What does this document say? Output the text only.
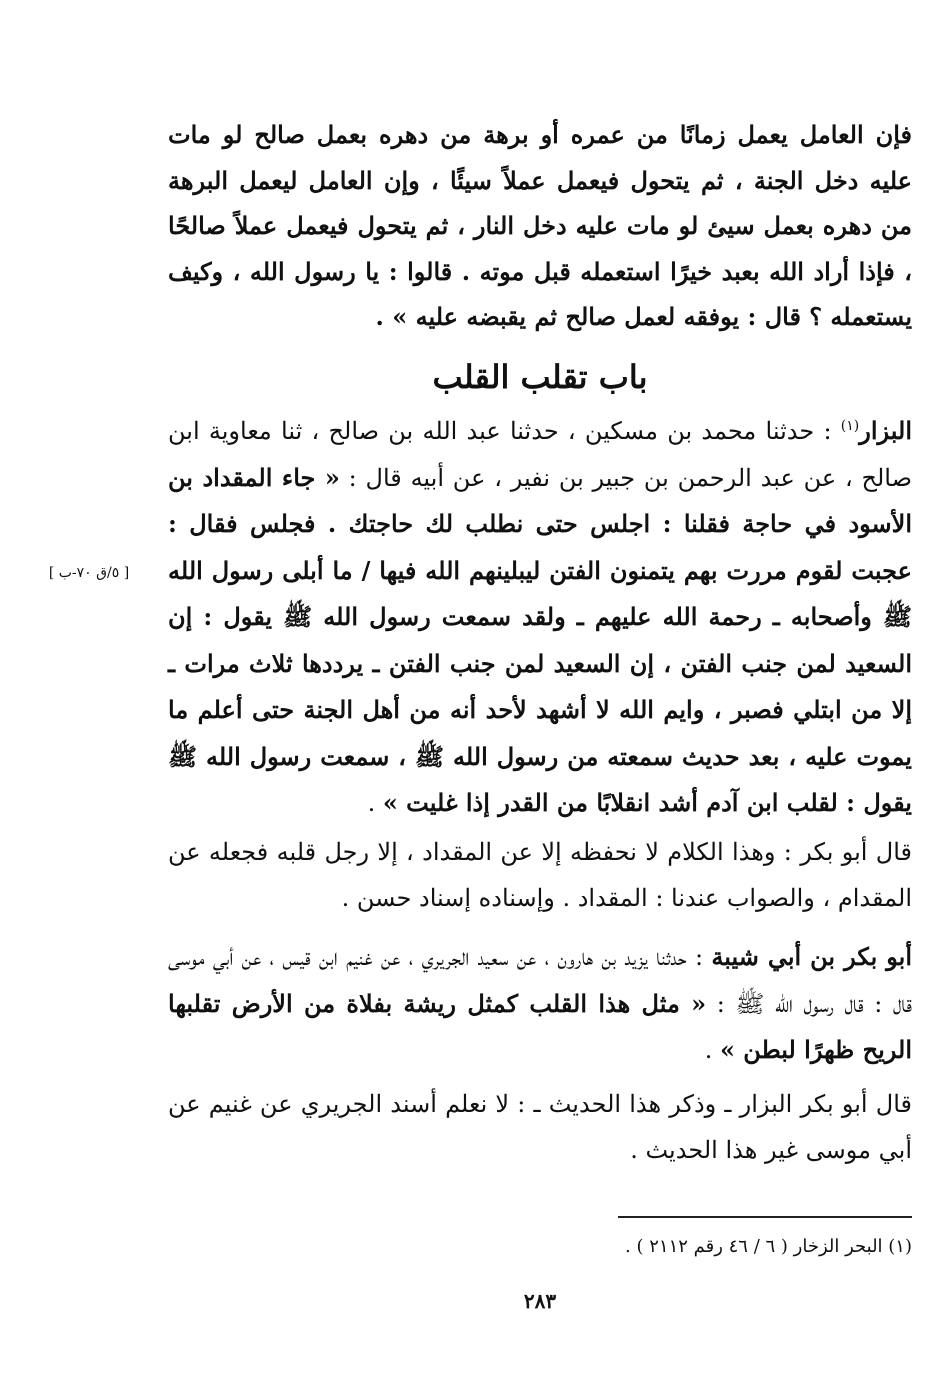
فإن العامل يعمل زمانًا من عمره أو برهة من دهره بعمل صالح لو مات عليه دخل الجنة ، ثم يتحول فيعمل عملاً سيئًا ، وإن العامل ليعمل البرهة من دهره بعمل سيئ لو مات عليه دخل النار ، ثم يتحول فيعمل عملاً صالحًا ، فإذا أراد الله بعبد خيرًا استعمله قبل موته . قالوا : يا رسول الله ، وكيف يستعمله ؟ قال : يوفقه لعمل صالح ثم يقبضه عليه » .

باب تقلب القلب

البزار$^{(١)}$ : حدثنا محمد بن مسكين ، حدثنا عبد الله بن صالح ، ثنا معاوية ابن صالح ، عن عبد الرحمن بن جبير بن نفير ، عن أبيه قال : « جاء المقداد بن الأسود في حاجة فقلنا : اجلس حتى نطلب لك حاجتك . فجلس فقال : عجبت لقوم مررت بهم يتمنون الفتن ليبلينهم الله فيها / ما أبلى رسول الله ﷺ وأصحابه ـ رحمة الله عليهم ـ ولقد سمعت رسول الله ﷺ يقول : إن السعيد لمن جنب الفتن ، إن السعيد لمن جنب الفتن ـ يرددها ثلاث مرات ـ إلا من ابتلي فصبر ، وايم الله لا أشهد لأحد أنه من أهل الجنة حتى أعلم ما يموت عليه ، بعد حديث سمعته من رسول الله ﷺ ، سمعت رسول الله ﷺ يقول : لقلب ابن آدم أشد انقلابًا من القدر إذا غليت » .

[ ٥/ق ٧٠-ب ]

قال أبو بكر : وهذا الكلام لا نحفظه إلا عن المقداد ، إلا رجل قلبه فجعله عن المقدام ، والصواب عندنا : المقداد . وإسناده إسناد حسن .

أبو بكر بن أبي شيبة : حدثنا يزيد بن هارون ، عن سعيد الجريري ، عن غنيم ابن قيس ، عن أبي موسى قال : قال رسول الله ﷺ : « مثل هذا القلب كمثل ريشة بفلاة من الأرض تقلبها الريح ظهرًا لبطن » .

قال أبو بكر البزار ـ وذكر هذا الحديث ـ : لا نعلم أسند الجريري عن غنيم عن أبي موسى غير هذا الحديث .

(١) البحر الزخار ( ٦ / ٤٦ رقم ٢١١٢ ) .

٢٨٣
